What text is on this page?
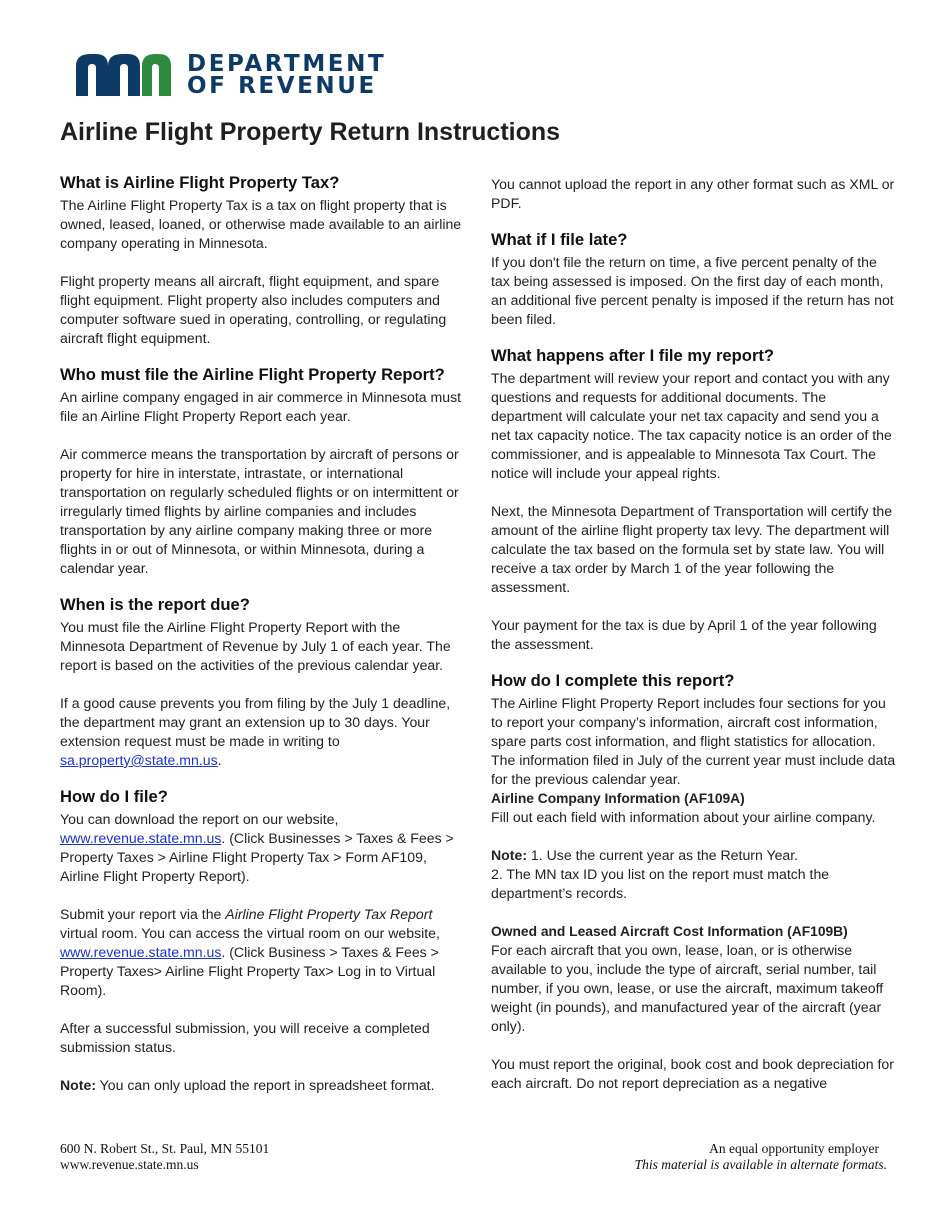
DEPARTMENT
OF REVENUE
Airline Flight Property Return Instructions
What is Airline Flight Property Tax?

The Airline Flight Property Tax is a tax on flight property that is owned, leased, loaned, or otherwise made available to an airline company operating in Minnesota.

Flight property means all aircraft, flight equipment, and spare flight equipment. Flight property also includes computers and computer software sued in operating, controlling, or regulating aircraft flight equipment.

Who must file the Airline Flight Property Report?

An airline company engaged in air commerce in Minnesota must file an Airline Flight Property Report each year.

Air commerce means the transportation by aircraft of persons or property for hire in interstate, intrastate, or international transportation on regularly scheduled flights or on intermittent or irregularly timed flights by airline companies and includes transportation by any airline company making three or more flights in or out of Minnesota, or within Minnesota, during a calendar year.

When is the report due?

You must file the Airline Flight Property Report with the Minnesota Department of Revenue by July 1 of each year. The report is based on the activities of the previous calendar year.

If a good cause prevents you from filing by the July 1 deadline, the department may grant an extension up to 30 days. Your extension request must be made in writing to sa.property@state.mn.us.

How do I file?

You can download the report on our website,
www.revenue.state.mn.us. (Click Businesses > Taxes & Fees > Property Taxes > Airline Flight Property Tax > Form AF109, Airline Flight Property Report).

Submit your report via the Airline Flight Property Tax Report virtual room. You can access the virtual room on our website, www.revenue.state.mn.us. (Click Business > Taxes & Fees > Property Taxes> Airline Flight Property Tax> Log in to Virtual Room).

After a successful submission, you will receive a completed submission status.

Note: You can only upload the report in spreadsheet format.

You cannot upload the report in any other format such as XML or PDF.

What if I file late?

If you don't file the return on time, a five percent penalty of the tax being assessed is imposed. On the first day of each month, an additional five percent penalty is imposed if the return has not been filed.

What happens after I file my report?

The department will review your report and contact you with any questions and requests for additional documents. The department will calculate your net tax capacity and send you a net tax capacity notice. The tax capacity notice is an order of the commissioner, and is appealable to Minnesota Tax Court. The notice will include your appeal rights.

Next, the Minnesota Department of Transportation will certify the amount of the airline flight property tax levy. The department will calculate the tax based on the formula set by state law. You will receive a tax order by March 1 of the year following the assessment.

Your payment for the tax is due by April 1 of the year following the assessment.

How do I complete this report?

The Airline Flight Property Report includes four sections for you to report your company’s information, aircraft cost information, spare parts cost information, and flight statistics for allocation. The information filed in July of the current year must include data for the previous calendar year.

Airline Company Information (AF109A)

Fill out each field with information about your airline company.

Note: 1. Use the current year as the Return Year.
2. The MN tax ID you list on the report must match the department’s records.

Owned and Leased Aircraft Cost Information (AF109B)

For each aircraft that you own, lease, loan, or is otherwise available to you, include the type of aircraft, serial number, tail number, if you own, lease, or use the aircraft, maximum takeoff weight (in pounds), and manufactured year of the aircraft (year only).

You must report the original, book cost and book depreciation for each aircraft. Do not report depreciation as a negative

600 N. Robert St., St. Paul, MN 55101
www.revenue.state.mn.us
An equal opportunity employer
This material is available in alternate formats.
